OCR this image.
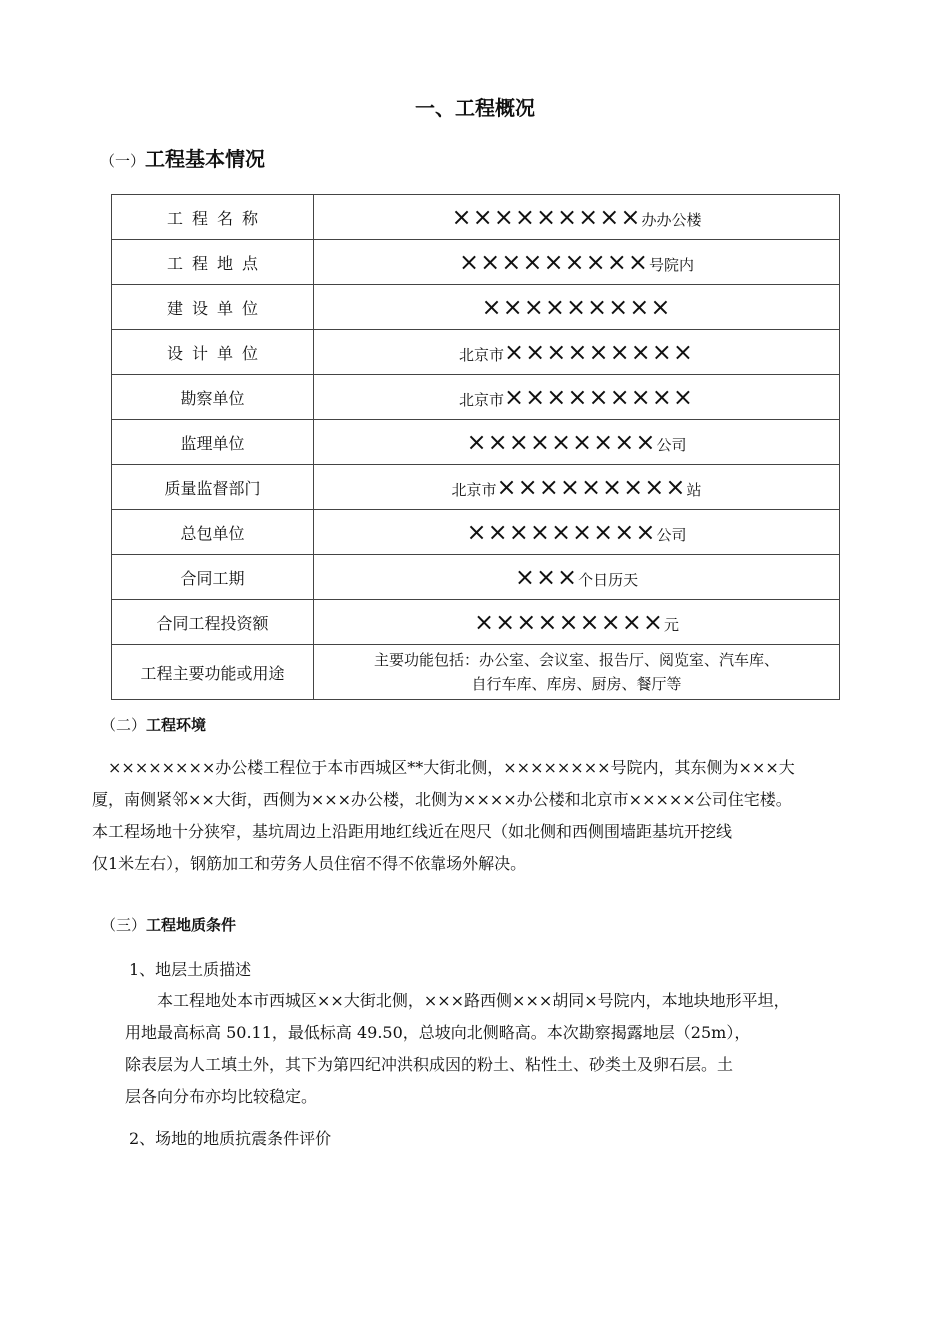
一、工程概况
（一）工程基本情况
工程名称	×××××××××办办公楼
工程地点	×××××××××号院内
建设单位	×××××××××
设计单位	北京市×××××××××
勘察单位	北京市×××××××××
监理单位	×××××××××公司
质量监督部门	北京市×××××××××站
总包单位	×××××××××公司
合同工期	×××个日历天
合同工程投资额	×××××××××元
工程主要功能或用途	主要功能包括：办公室、会议室、报告厅、阅览室、汽车库、
自行车库、库房、厨房、餐厅等
（二）工程环境
　××××××××办公楼工程位于本市西城区**大街北侧，××××××××号院内，其东侧为×××大
厦，南侧紧邻××大街，西侧为×××办公楼，北侧为××××办公楼和北京市×××××公司住宅楼。
本工程场地十分狭窄，基坑周边上沿距用地红线近在咫尺（如北侧和西侧围墙距基坑开挖线
仅1米左右），钢筋加工和劳务人员住宿不得不依靠场外解决。
（三）工程地质条件
1、地层土质描述
　　本工程地处本市西城区××大街北侧，×××路西侧×××胡同×号院内，本地块地形平坦，
用地最高标高 50.11，最低标高 49.50，总坡向北侧略高。本次勘察揭露地层（25m），
除表层为人工填土外，其下为第四纪冲洪积成因的粉土、粘性土、砂类土及卵石层。土
层各向分布亦均比较稳定。
2、场地的地质抗震条件评价
